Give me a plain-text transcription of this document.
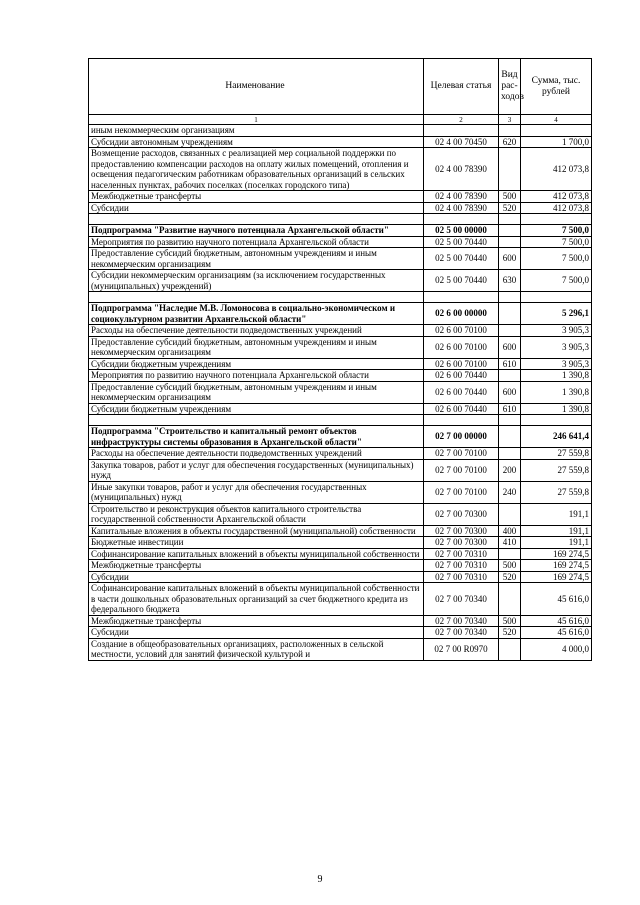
Наименование	Целевая статья	Вид рас-ходов	Сумма, тыс. рублей
1	2	3	4
иным некоммерческим организациям			
Субсидии автономным учреждениям	02 4 00 70450	620	1 700,0
Возмещение расходов, связанных с реализацией мер социальной поддержки по предоставлению компенсации расходов на оплату жилых помещений, отопления и освещения педагогическим работникам образовательных организаций в сельских населенных пунктах, рабочих поселках (поселках городского типа)	02 4 00 78390		412 073,8
Межбюджетные трансферты	02 4 00 78390	500	412 073,8
Субсидии	02 4 00 78390	520	412 073,8

Подпрограмма "Развитие научного потенциала Архангельской области"	02 5 00 00000		7 500,0
Мероприятия по развитию научного потенциала Архангельской области	02 5 00 70440		7 500,0
Предоставление субсидий бюджетным, автономным учреждениям и иным некоммерческим организациям	02 5 00 70440	600	7 500,0
Субсидии некоммерческим организациям (за исключением государственных (муниципальных) учреждений)	02 5 00 70440	630	7 500,0

Подпрограмма "Наследие М.В. Ломоносова в социально-экономическом и социокультурном развитии Архангельской области"	02 6 00 00000		5 296,1
Расходы на обеспечение деятельности подведомственных учреждений	02 6 00 70100		3 905,3
Предоставление субсидий бюджетным, автономным учреждениям и иным некоммерческим организациям	02 6 00 70100	600	3 905,3
Субсидии бюджетным учреждениям	02 6 00 70100	610	3 905,3
Мероприятия по развитию научного потенциала Архангельской области	02 6 00 70440		1 390,8
Предоставление субсидий бюджетным, автономным учреждениям и иным некоммерческим организациям	02 6 00 70440	600	1 390,8
Субсидии бюджетным учреждениям	02 6 00 70440	610	1 390,8

Подпрограмма "Строительство и капитальный ремонт объектов инфраструктуры системы образования в Архангельской области"	02 7 00 00000		246 641,4
Расходы на обеспечение деятельности подведомственных учреждений	02 7 00 70100		27 559,8
Закупка товаров, работ и услуг для обеспечения государственных (муниципальных) нужд	02 7 00 70100	200	27 559,8
Иные закупки товаров, работ и услуг для обеспечения государственных (муниципальных) нужд	02 7 00 70100	240	27 559,8
Строительство и реконструкция объектов капитального строительства государственной собственности Архангельской области	02 7 00 70300		191,1
Капитальные вложения в объекты государственной (муниципальной) собственности	02 7 00 70300	400	191,1
Бюджетные инвестиции	02 7 00 70300	410	191,1
Софинансирование капитальных вложений в объекты муниципальной собственности	02 7 00 70310		169 274,5
Межбюджетные трансферты	02 7 00 70310	500	169 274,5
Субсидии	02 7 00 70310	520	169 274,5
Софинансирование капитальных вложений в объекты муниципальной собственности в части дошкольных образовательных организаций за счет бюджетного кредита из федерального бюджета	02 7 00 70340		45 616,0
Межбюджетные трансферты	02 7 00 70340	500	45 616,0
Субсидии	02 7 00 70340	520	45 616,0
Создание в общеобразовательных организациях, расположенных в сельской местности, условий для занятий физической культурой и	02 7 00 R0970		4 000,0
9
